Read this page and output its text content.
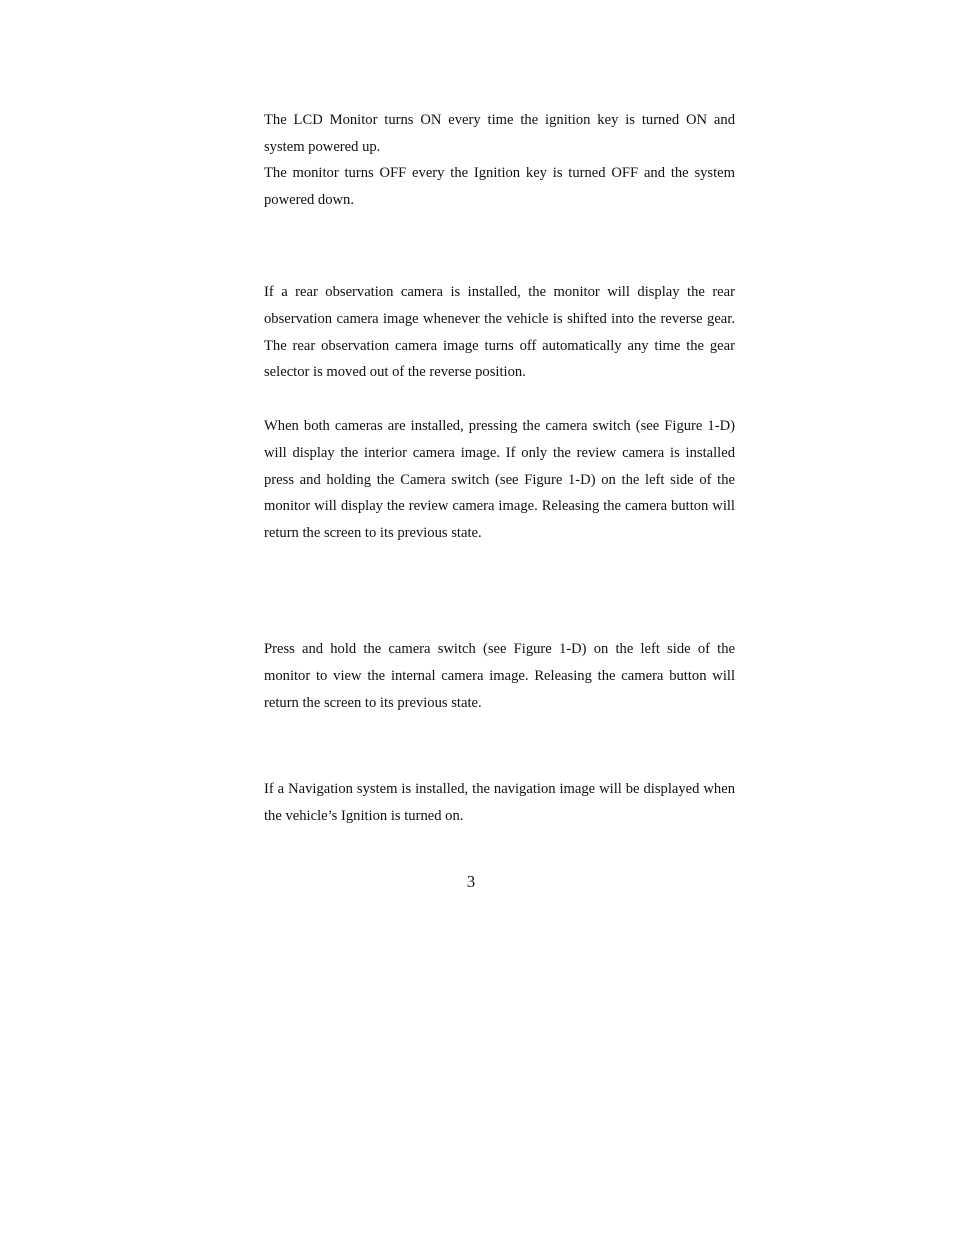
The LCD Monitor turns ON every time the ignition key is turned ON and system powered up.

The monitor turns OFF every the Ignition key is turned OFF and the system powered down.

If a rear observation camera is installed, the monitor will display the rear observation camera image whenever the vehicle is shifted into the reverse gear. The rear observation camera image turns off automatically any time the gear selector is moved out of the reverse position.

When both cameras are installed, pressing the camera switch (see Figure 1-D) will display the interior camera image. If only the review camera is installed press and holding the Camera switch (see Figure 1-D) on the left side of the monitor will display the review camera image. Releasing the camera button will return the screen to its previous state.

Press and hold the camera switch (see Figure 1-D) on the left side of the monitor to view the internal camera image. Releasing the camera button will return the screen to its previous state.

If a Navigation system is installed, the navigation image will be displayed when the vehicle’s Ignition is turned on.

3
